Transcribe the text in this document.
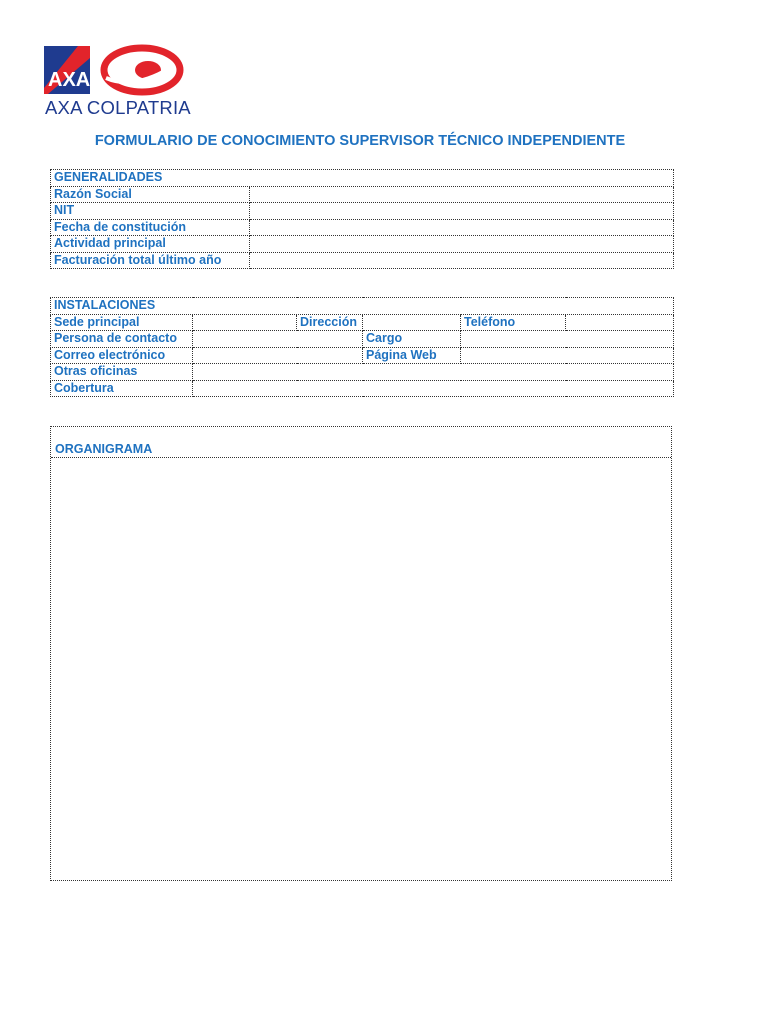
AXA
AXA COLPATRIA
FORMULARIO DE CONOCIMIENTO SUPERVISOR TÉCNICO INDEPENDIENTE
GENERALIDADES	
Razón Social	
NIT	
Fecha de constitución	
Actividad principal	
Facturación total último año	
INSTALACIONES					
Sede principal		Dirección		Teléfono	
Persona de contacto			Cargo		
Correo electrónico			Página Web		
Otras oficinas					
Cobertura					
ORGANIGRAMA
